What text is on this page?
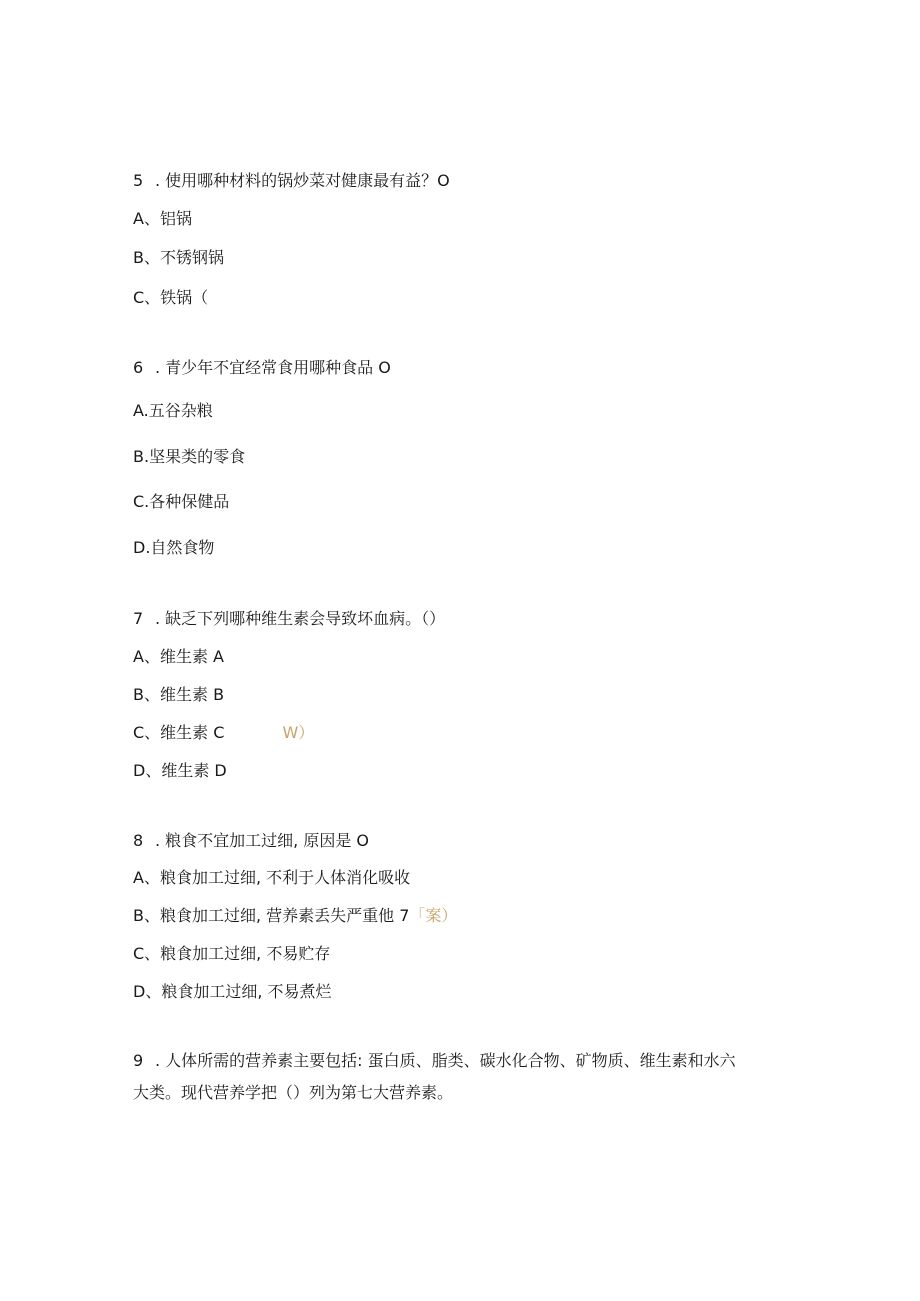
5 . 使用哪种材料的锅炒菜对健康最有益？O
A、铝锅
B、不锈钢锅
C、铁锅（
6 . 青少年不宜经常食用哪种食品 O
A.五谷杂粮
B.坚果类的零食
C.各种保健品
D.自然食物
7 . 缺乏下列哪种维生素会导致坏血病。（）
A、维生素 A
B、维生素 B
C、维生素 C	W）
D、维生素 D
8 . 粮食不宜加工过细, 原因是 O
A、粮食加工过细, 不利于人体消化吸收
B、粮食加工过细, 营养素丢失严重他 7「案）
C、粮食加工过细, 不易贮存
D、粮食加工过细, 不易煮烂
9 . 人体所需的营养素主要包括: 蛋白质、脂类、碳水化合物、矿物质、维生素和水六
大类。现代营养学把（）列为第七大营养素。
